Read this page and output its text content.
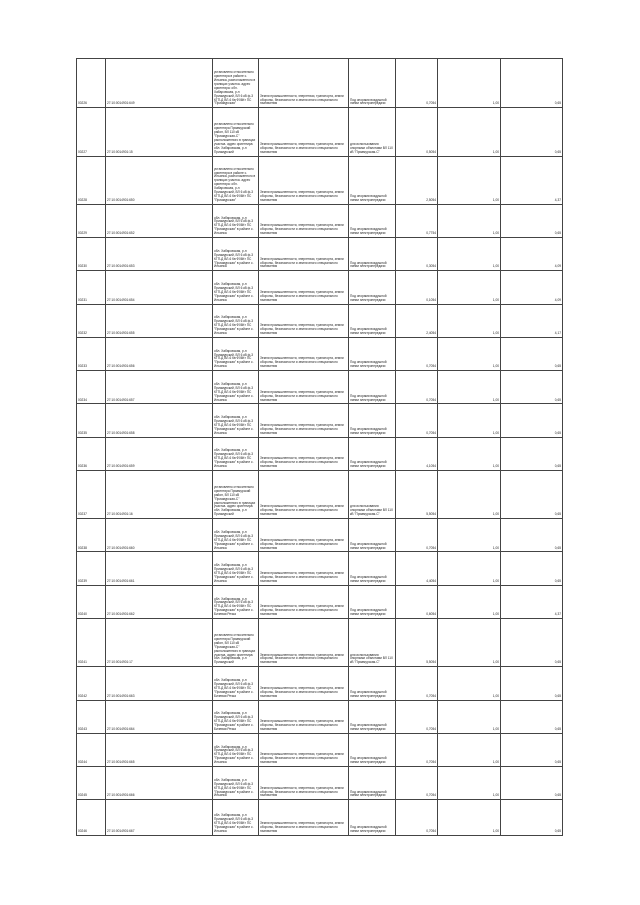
00226	27:10:0014901:649	установлено относительно ориентира в районе с. Ильинка, расположенного в границах участка. адрес ориентира: обл. Хабаровская, р-н Приамурский, ВЛ 6 кВ ф-3 КТП-Д ВЛ-6 Кв Ф06Кт ПС "Приамурская"	Земли промышленности, энергетики, транспорта, земли обороны, безопасности и земли иного специального назначения	Под опорами воздушной линии электропередачи	0,7054	1,00	0,65
00227	27:10:0014901:15	установлено относительно ориентира Приамурский район, ВЛ 110 кВ "Приамурская-С" расположенного в границах участка. адрес ориентира: обл. Хабаровская, р-н Приамурский	Земли промышленности, энергетики, транспорта, земли обороны, безопасности и земли иного специального назначения	для использования опорными объектами ВЛ 110 кВ "Приамурская-С"	0,5054	1,00	0,65
00228	27:10:0014901:650	установлено относительно ориентира в районе с. Ильинка, расположенного в границах участка. адрес ориентира: обл. Хабаровская, р-н Приамурский, ВЛ 6 кВ ф-3 КТП-Д ВЛ-6 Кв Ф06Кт ПС "Приамурская"	Земли промышленности, энергетики, транспорта, земли обороны, безопасности и земли иного специального назначения	Под опорами воздушной линии электропередачи	2,5054	1,00	4,37
00229	27:10:0014901:652	обл. Хабаровская, р-н Приамурский, ВЛ 6 кВ ф-3 КТП-Д ВЛ-6 Кв Ф06Кт ПС "Приамурская" в районе с. Ильинка	Земли промышленности, энергетики, транспорта, земли обороны, безопасности и земли иного специального назначения	Под опорами воздушной линии электропередачи	0,7754	1,00	0,65
00230	27:10:0014901:653	обл. Хабаровская, р-н Приамурский, ВЛ 6 кВ ф-3 КТП-Д ВЛ-6 Кв Ф06Кт ПС "Приамурская" в районе с. Ильинка	Земли промышленности, энергетики, транспорта, земли обороны, безопасности и земли иного специального назначения	Под опорами воздушной линии электропередачи	0,3054	1,00	4,09
00231	27:10:0014901:654	обл. Хабаровская, р-н Приамурский, ВЛ 6 кВ ф-3 КТП-Д ВЛ-6 Кв Ф06Кт ПС "Приамурская" в районе с. Ильинка	Земли промышленности, энергетики, транспорта, земли обороны, безопасности и земли иного специального назначения	Под опорами воздушной линии электропередачи	0,1054	1,00	4,09
00232	27:10:0014901:655	обл. Хабаровская, р-н Приамурский, ВЛ 6 кВ ф-3 КТП-Д ВЛ-6 Кв Ф06Кт ПС "Приамурская" в районе с. Ильинка	Земли промышленности, энергетики, транспорта, земли обороны, безопасности и земли иного специального назначения	Под опорами воздушной линии электропередачи	2,4054	1,00	4,17
00233	27:10:0014901:656	обл. Хабаровская, р-н Приамурский, ВЛ 6 кВ ф-3 КТП-Д ВЛ-6 Кв Ф06Кт ПС "Приамурская" в районе с. Ильинка	Земли промышленности, энергетики, транспорта, земли обороны, безопасности и земли иного специального назначения	Под опорами воздушной линии электропередачи	0,7054	1,00	0,65
00234	27:10:0014901:657	обл. Хабаровская, р-н Приамурский, ВЛ 6 кВ ф-3 КТП-Д ВЛ-6 Кв Ф06Кт ПС "Приамурская" в районе с. Ильинка	Земли промышленности, энергетики, транспорта, земли обороны, безопасности и земли иного специального назначения	Под опорами воздушной линии электропередачи	0,7054	1,00	0,65
00235	27:10:0014901:658	обл. Хабаровская, р-н Приамурский, ВЛ 6 кВ ф-3 КТП-Д ВЛ-6 Кв Ф06Кт ПС "Приамурская" в районе с. Ильинка	Земли промышленности, энергетики, транспорта, земли обороны, безопасности и земли иного специального назначения	Под опорами воздушной линии электропередачи	0,7054	1,00	0,65
00236	27:10:0014901:659	обл. Хабаровская, р-н Приамурский, ВЛ 6 кВ ф-3 КТП-Д ВЛ-6 Кв Ф06Кт ПС "Приамурская" в районе с. Ильинка	Земли промышленности, энергетики, транспорта, земли обороны, безопасности и земли иного специального назначения	Под опорами воздушной линии электропередачи	4,1054	1,00	0,65
00237	27:10:0014901:16	установлено относительно ориентира Приамурский район, ВЛ 110 кВ "Приамурская-С" расположенного в границах участка. адрес ориентира: обл. Хабаровская, р-н Приамурский	Земли промышленности, энергетики, транспорта, земли обороны, безопасности и земли иного специального назначения	для использования опорными объектами ВЛ 110 кВ "Приамурская-С"	5,5054	1,00	0,65
00238	27:10:0014901:660	обл. Хабаровская, р-н Приамурский, ВЛ 6 кВ ф-3 КТП-Д ВЛ-6 Кв Ф06Кт ПС "Приамурская" в районе с. Ильинка	Земли промышленности, энергетики, транспорта, земли обороны, безопасности и земли иного специального назначения	Под опорами воздушной линии электропередачи	0,7054	1,00	0,65
00239	27:10:0014901:661	обл. Хабаровская, р-н Приамурский, ВЛ 6 кВ ф-3 КТП-Д ВЛ-6 Кв Ф06Кт ПС "Приамурская" в районе с. Ильинка	Земли промышленности, энергетики, транспорта, земли обороны, безопасности и земли иного специального назначения	Под опорами воздушной линии электропередачи	4,4054	1,00	0,65
00240	27:10:0014901:662	обл. Хабаровская, р-н Приамурский, ВЛ 6 кВ ф-3 КТП-Д ВЛ-6 Кв Ф06Кт ПС "Приамурская" в районе с. Бичевая Речка	Земли промышленности, энергетики, транспорта, земли обороны, безопасности и земли иного специального назначения	Под опорами воздушной линии электропередачи	0,6054	1,00	4,37
00241	27:10:0014901:17	установлено относительно ориентира Приамурский район, ВЛ 110 кВ "Приамурская-С" расположенного в границах участка. адрес ориентира: обл. Хабаровская, р-н Приамурский	Земли промышленности, энергетики, транспорта, земли обороны, безопасности и земли иного специального назначения	для использования опорными объектами ВЛ 110 кВ "Приамурская-С"	5,5054	1,00	0,65
00242	27:10:0014901:663	обл. Хабаровская, р-н Приамурский, ВЛ 6 кВ ф-3 КТП-Д ВЛ-6 Кв Ф06Кт ПС "Приамурская" в районе с. Бичевая Речка	Земли промышленности, энергетики, транспорта, земли обороны, безопасности и земли иного специального назначения	Под опорами воздушной линии электропередачи	0,7054	1,00	0,65
00243	27:10:0014901:664	обл. Хабаровская, р-н Приамурский, ВЛ 6 кВ ф-3 КТП-Д ВЛ-6 Кв Ф06Кт ПС "Приамурская" в районе с. Бичевая Речка	Земли промышленности, энергетики, транспорта, земли обороны, безопасности и земли иного специального назначения	Под опорами воздушной линии электропередачи	0,7054	1,00	0,65
00244	27:10:0014901:665	обл. Хабаровская, р-н Приамурский, ВЛ 6 кВ ф-3 КТП-Д ВЛ-6 Кв Ф06Кт ПС "Приамурская" в районе с. Ильинка	Земли промышленности, энергетики, транспорта, земли обороны, безопасности и земли иного специального назначения	Под опорами воздушной линии электропередачи	0,7054	1,00	0,65
00245	27:10:0014901:666	обл. Хабаровская, р-н Приамурский, ВЛ 6 кВ ф-3 КТП-Д ВЛ-6 Кв Ф06Кт ПС "Приамурская" в районе с. Ильинка	Земли промышленности, энергетики, транспорта, земли обороны, безопасности и земли иного специального назначения	Под опорами воздушной линии электропередачи	0,7054	1,00	0,65
00246	27:10:0014901:667	обл. Хабаровская, р-н Приамурский, ВЛ 6 кВ ф-3 КТП-Д ВЛ-6 Кв Ф06Кт ПС "Приамурская" в районе с. Ильинка	Земли промышленности, энергетики, транспорта, земли обороны, безопасности и земли иного специального назначения	Под опорами воздушной линии электропередачи	0,7054	1,00	0,65
